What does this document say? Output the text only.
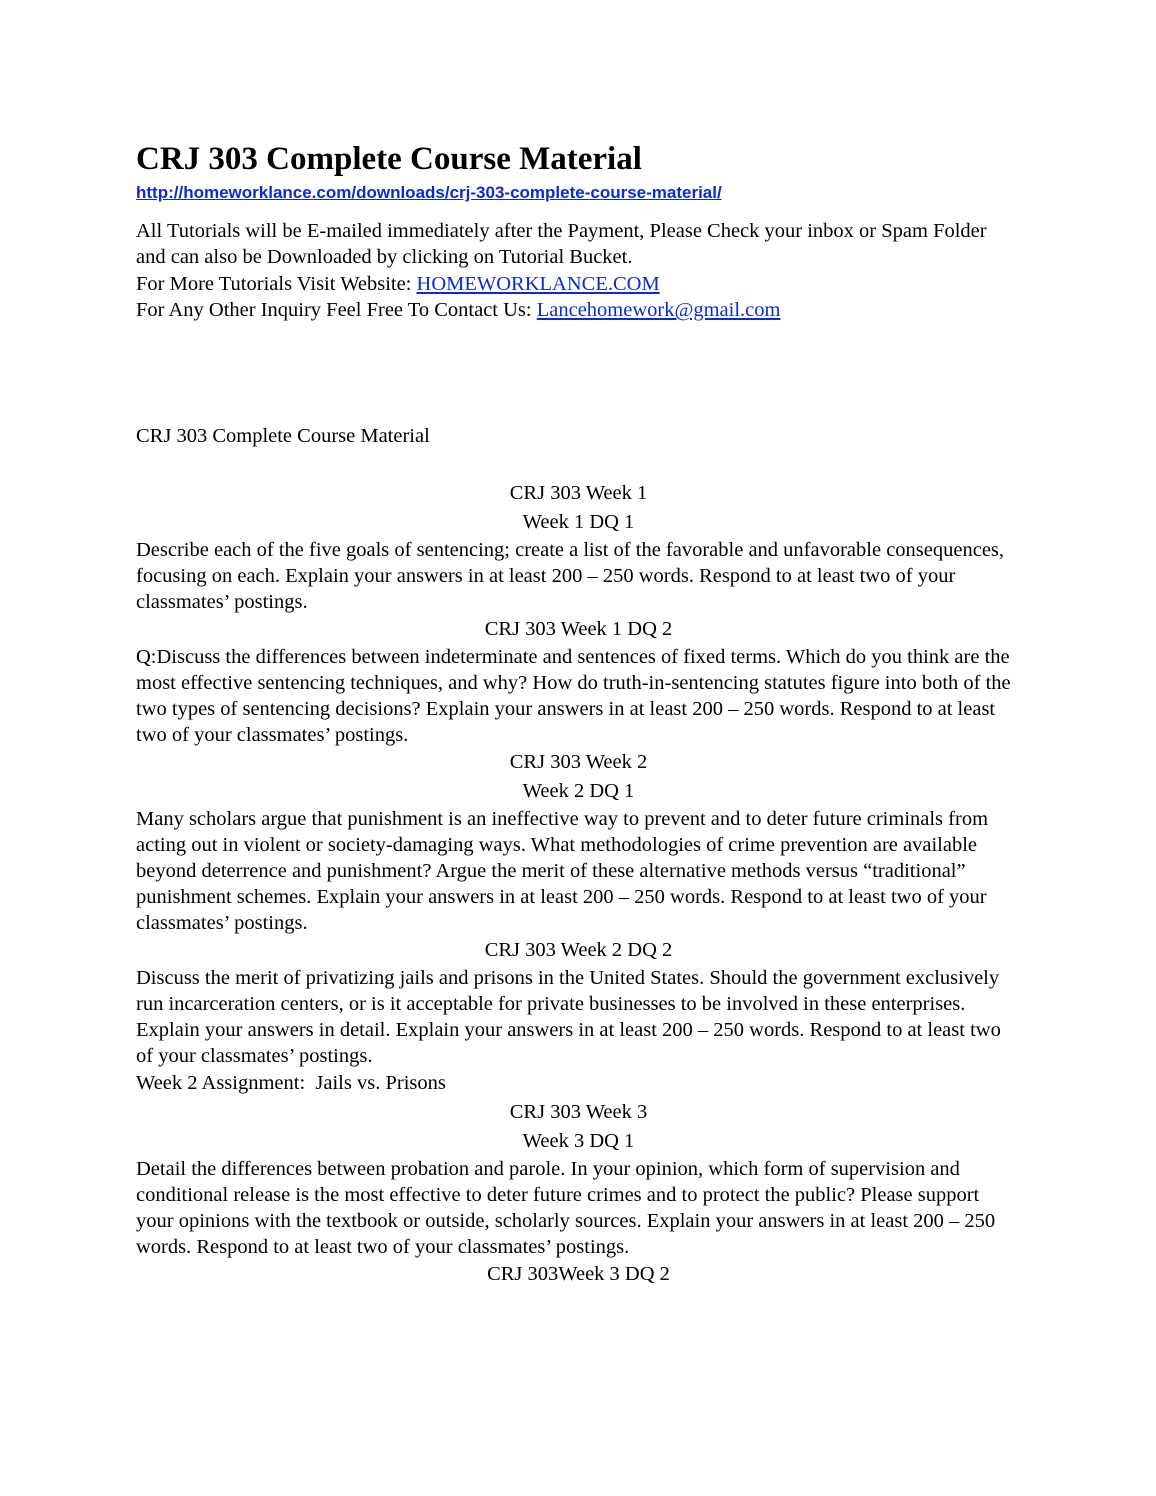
CRJ 303 Complete Course Material
http://homeworklance.com/downloads/crj-303-complete-course-material/

All Tutorials will be E-mailed immediately after the Payment, Please Check your inbox or Spam Folder and can also be Downloaded by clicking on Tutorial Bucket.

For More Tutorials Visit Website: HOMEWORKLANCE.COM

For Any Other Inquiry Feel Free To Contact Us: Lancehomework@gmail.com

CRJ 303 Complete Course Material

CRJ 303 Week 1

Week 1 DQ 1

Describe each of the five goals of sentencing; create a list of the favorable and unfavorable consequences, focusing on each. Explain your answers in at least 200 – 250 words. Respond to at least two of your classmates’ postings.

CRJ 303 Week 1 DQ 2

Q:Discuss the differences between indeterminate and sentences of fixed terms. Which do you think are the most effective sentencing techniques, and why? How do truth-in-sentencing statutes figure into both of the two types of sentencing decisions? Explain your answers in at least 200 – 250 words. Respond to at least two of your classmates’ postings.

CRJ 303 Week 2

Week 2 DQ 1

Many scholars argue that punishment is an ineffective way to prevent and to deter future criminals from acting out in violent or society-damaging ways. What methodologies of crime prevention are available beyond deterrence and punishment? Argue the merit of these alternative methods versus “traditional” punishment schemes. Explain your answers in at least 200 – 250 words. Respond to at least two of your classmates’ postings.

CRJ 303 Week 2 DQ 2

Discuss the merit of privatizing jails and prisons in the United States. Should the government exclusively run incarceration centers, or is it acceptable for private businesses to be involved in these enterprises. Explain your answers in detail. Explain your answers in at least 200 – 250 words. Respond to at least two of your classmates’ postings.

Week 2 Assignment:  Jails vs. Prisons

CRJ 303 Week 3

Week 3 DQ 1

Detail the differences between probation and parole. In your opinion, which form of supervision and conditional release is the most effective to deter future crimes and to protect the public? Please support your opinions with the textbook or outside, scholarly sources. Explain your answers in at least 200 – 250 words. Respond to at least two of your classmates’ postings.

CRJ 303Week 3 DQ 2
